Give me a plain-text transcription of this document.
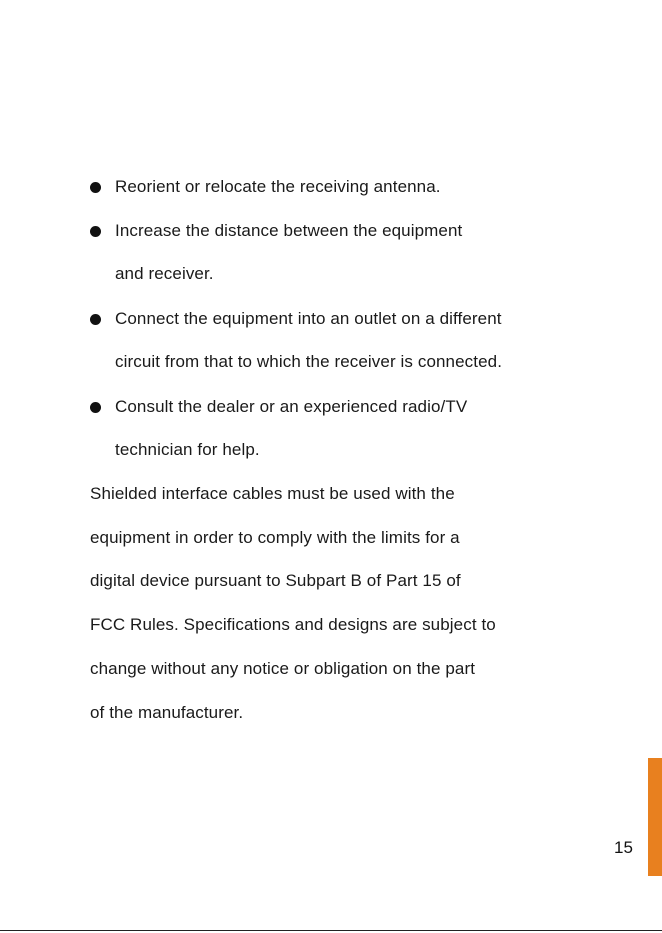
Reorient or relocate the receiving antenna.
Increase the distance between the equipment
and receiver.
Connect the equipment into an outlet on a different
circuit from that to which the receiver is connected.
Consult the dealer or an experienced radio/TV
technician for help.
Shielded interface cables must be used with the
equipment in order to comply with the limits for a
digital device pursuant to Subpart B of Part 15 of
FCC Rules. Specifications and designs are subject to
change without any notice or obligation on the part
of the manufacturer.
15
